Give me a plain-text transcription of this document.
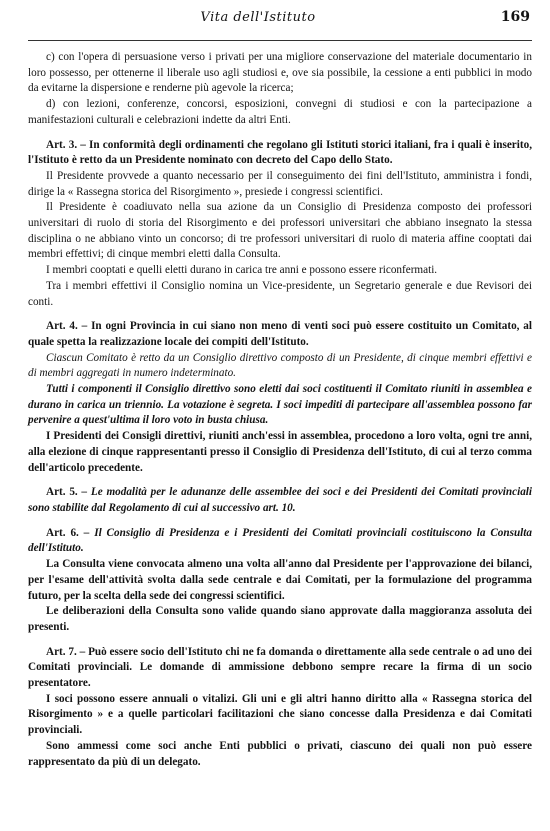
Vita dell'Istituto	169

c) con l'opera di persuasione verso i privati per una migliore conservazione del materiale documentario in loro possesso, per ottenerne il liberale uso agli studiosi e, ove sia possibile, la cessione a enti pubblici in modo da evitarne la dispersione e renderne più agevole la ricerca;

d) con lezioni, conferenze, concorsi, esposizioni, convegni di studiosi e con la partecipazione a manifestazioni culturali e celebrazioni indette da altri Enti.

Art. 3. – In conformità degli ordinamenti che regolano gli Istituti storici italiani, fra i quali è inserito, l'Istituto è retto da un Presidente nominato con decreto del Capo dello Stato.

Il Presidente provvede a quanto necessario per il conseguimento dei fini dell'Istituto, amministra i fondi, dirige la « Rassegna storica del Risorgimento », presiede i congressi scientifici.

Il Presidente è coadiuvato nella sua azione da un Consiglio di Presidenza composto dei professori universitari di ruolo di storia del Risorgimento e dei professori universitari che abbiano insegnato la stessa disciplina o ne abbiano vinto un concorso; di tre professori universitari di ruolo di materia affine cooptati dai membri effettivi; di cinque membri eletti dalla Consulta.

I membri cooptati e quelli eletti durano in carica tre anni e possono essere riconfermati.

Tra i membri effettivi il Consiglio nomina un Vice-presidente, un Segretario generale e due Revisori dei conti.

Art. 4. – In ogni Provincia in cui siano non meno di venti soci può essere costituito un Comitato, al quale spetta la realizzazione locale dei compiti dell'Istituto.

Ciascun Comitato è retto da un Consiglio direttivo composto di un Presidente, di cinque membri effettivi e di membri aggregati in numero indeterminato.

Tutti i componenti il Consiglio direttivo sono eletti dai soci costituenti il Comitato riuniti in assemblea e durano in carica un triennio. La votazione è segreta. I soci impediti di partecipare all'assemblea possono far pervenire a quest'ultima il loro voto in busta chiusa.

I Presidenti dei Consigli direttivi, riuniti anch'essi in assemblea, procedono a loro volta, ogni tre anni, alla elezione di cinque rappresentanti presso il Consiglio di Presidenza dell'Istituto, di cui al terzo comma dell'articolo precedente.

Art. 5. – Le modalità per le adunanze delle assemblee dei soci e dei Presidenti dei Comitati provinciali sono stabilite dal Regolamento di cui al successivo art. 10.

Art. 6. – Il Consiglio di Presidenza e i Presidenti dei Comitati provinciali costituiscono la Consulta dell'Istituto.

La Consulta viene convocata almeno una volta all'anno dal Presidente per l'approvazione dei bilanci, per l'esame dell'attività svolta dalla sede centrale e dai Comitati, per la formulazione del programma futuro, per la scelta della sede dei congressi scientifici.

Le deliberazioni della Consulta sono valide quando siano approvate dalla maggioranza assoluta dei presenti.

Art. 7. – Può essere socio dell'Istituto chi ne fa domanda o direttamente alla sede centrale o ad uno dei Comitati provinciali. Le domande di ammissione debbono sempre recare la firma di un socio presentatore.

I soci possono essere annuali o vitalizi. Gli uni e gli altri hanno diritto alla « Rassegna storica del Risorgimento » e a quelle particolari facilitazioni che siano concesse dalla Presidenza e dai Comitati provinciali.

Sono ammessi come soci anche Enti pubblici o privati, ciascuno dei quali non può essere rappresentato da più di un delegato.
